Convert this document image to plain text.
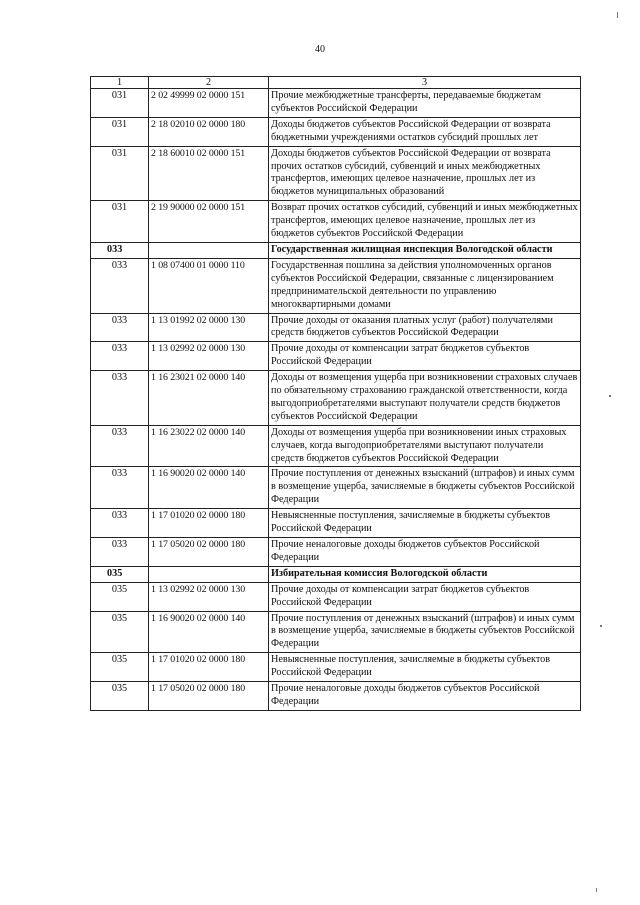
40
1	2	3
031	2 02 49999 02 0000 151	Прочие межбюджетные трансферты, передаваемые бюджетам субъектов Российской Федерации
031	2 18 02010 02 0000 180	Доходы бюджетов субъектов Российской Федерации от возврата бюджетными учреждениями остатков субсидий прошлых лет
031	2 18 60010 02 0000 151	Доходы бюджетов субъектов Российской Федерации от возврата прочих остатков субсидий, субвенций и иных межбюджетных трансфертов, имеющих целевое назначение, прошлых лет из бюджетов муниципальных образований
031	2 19 90000 02 0000 151	Возврат прочих остатков субсидий, субвенций и иных межбюджетных трансфертов, имеющих целевое назначение, прошлых лет из бюджетов субъектов Российской Федерации
033		Государственная жилищная инспекция Вологодской области
033	1 08 07400 01 0000 110	Государственная пошлина за действия уполномоченных органов субъектов Российской Федерации, связанные с лицензированием предпринимательской деятельности по управлению многоквартирными домами
033	1 13 01992 02 0000 130	Прочие доходы от оказания платных услуг (работ) получателями средств бюджетов субъектов Российской Федерации
033	1 13 02992 02 0000 130	Прочие доходы от компенсации затрат бюджетов субъектов Российской Федерации
033	1 16 23021 02 0000 140	Доходы от возмещения ущерба при возникновении страховых случаев по обязательному страхованию гражданской ответственности, когда выгодоприобретателями выступают получатели средств бюджетов субъектов Российской Федерации
033	1 16 23022 02 0000 140	Доходы от возмещения ущерба при возникновении иных страховых случаев, когда выгодоприобретателями выступают получатели средств бюджетов субъектов Российской Федерации
033	1 16 90020 02 0000 140	Прочие поступления от денежных взысканий (штрафов) и иных сумм в возмещение ущерба, зачисляемые в бюджеты субъектов Российской Федерации
033	1 17 01020 02 0000 180	Невыясненные поступления, зачисляемые в бюджеты субъектов Российской Федерации
033	1 17 05020 02 0000 180	Прочие неналоговые доходы бюджетов субъектов Российской Федерации
035		Избирательная комиссия Вологодской области
035	1 13 02992 02 0000 130	Прочие доходы от компенсации затрат бюджетов субъектов Российской Федерации
035	1 16 90020 02 0000 140	Прочие поступления от денежных взысканий (штрафов) и иных сумм в возмещение ущерба, зачисляемые в бюджеты субъектов Российской Федерации
035	1 17 01020 02 0000 180	Невыясненные поступления, зачисляемые в бюджеты субъектов Российской Федерации
035	1 17 05020 02 0000 180	Прочие неналоговые доходы бюджетов субъектов Российской Федерации
